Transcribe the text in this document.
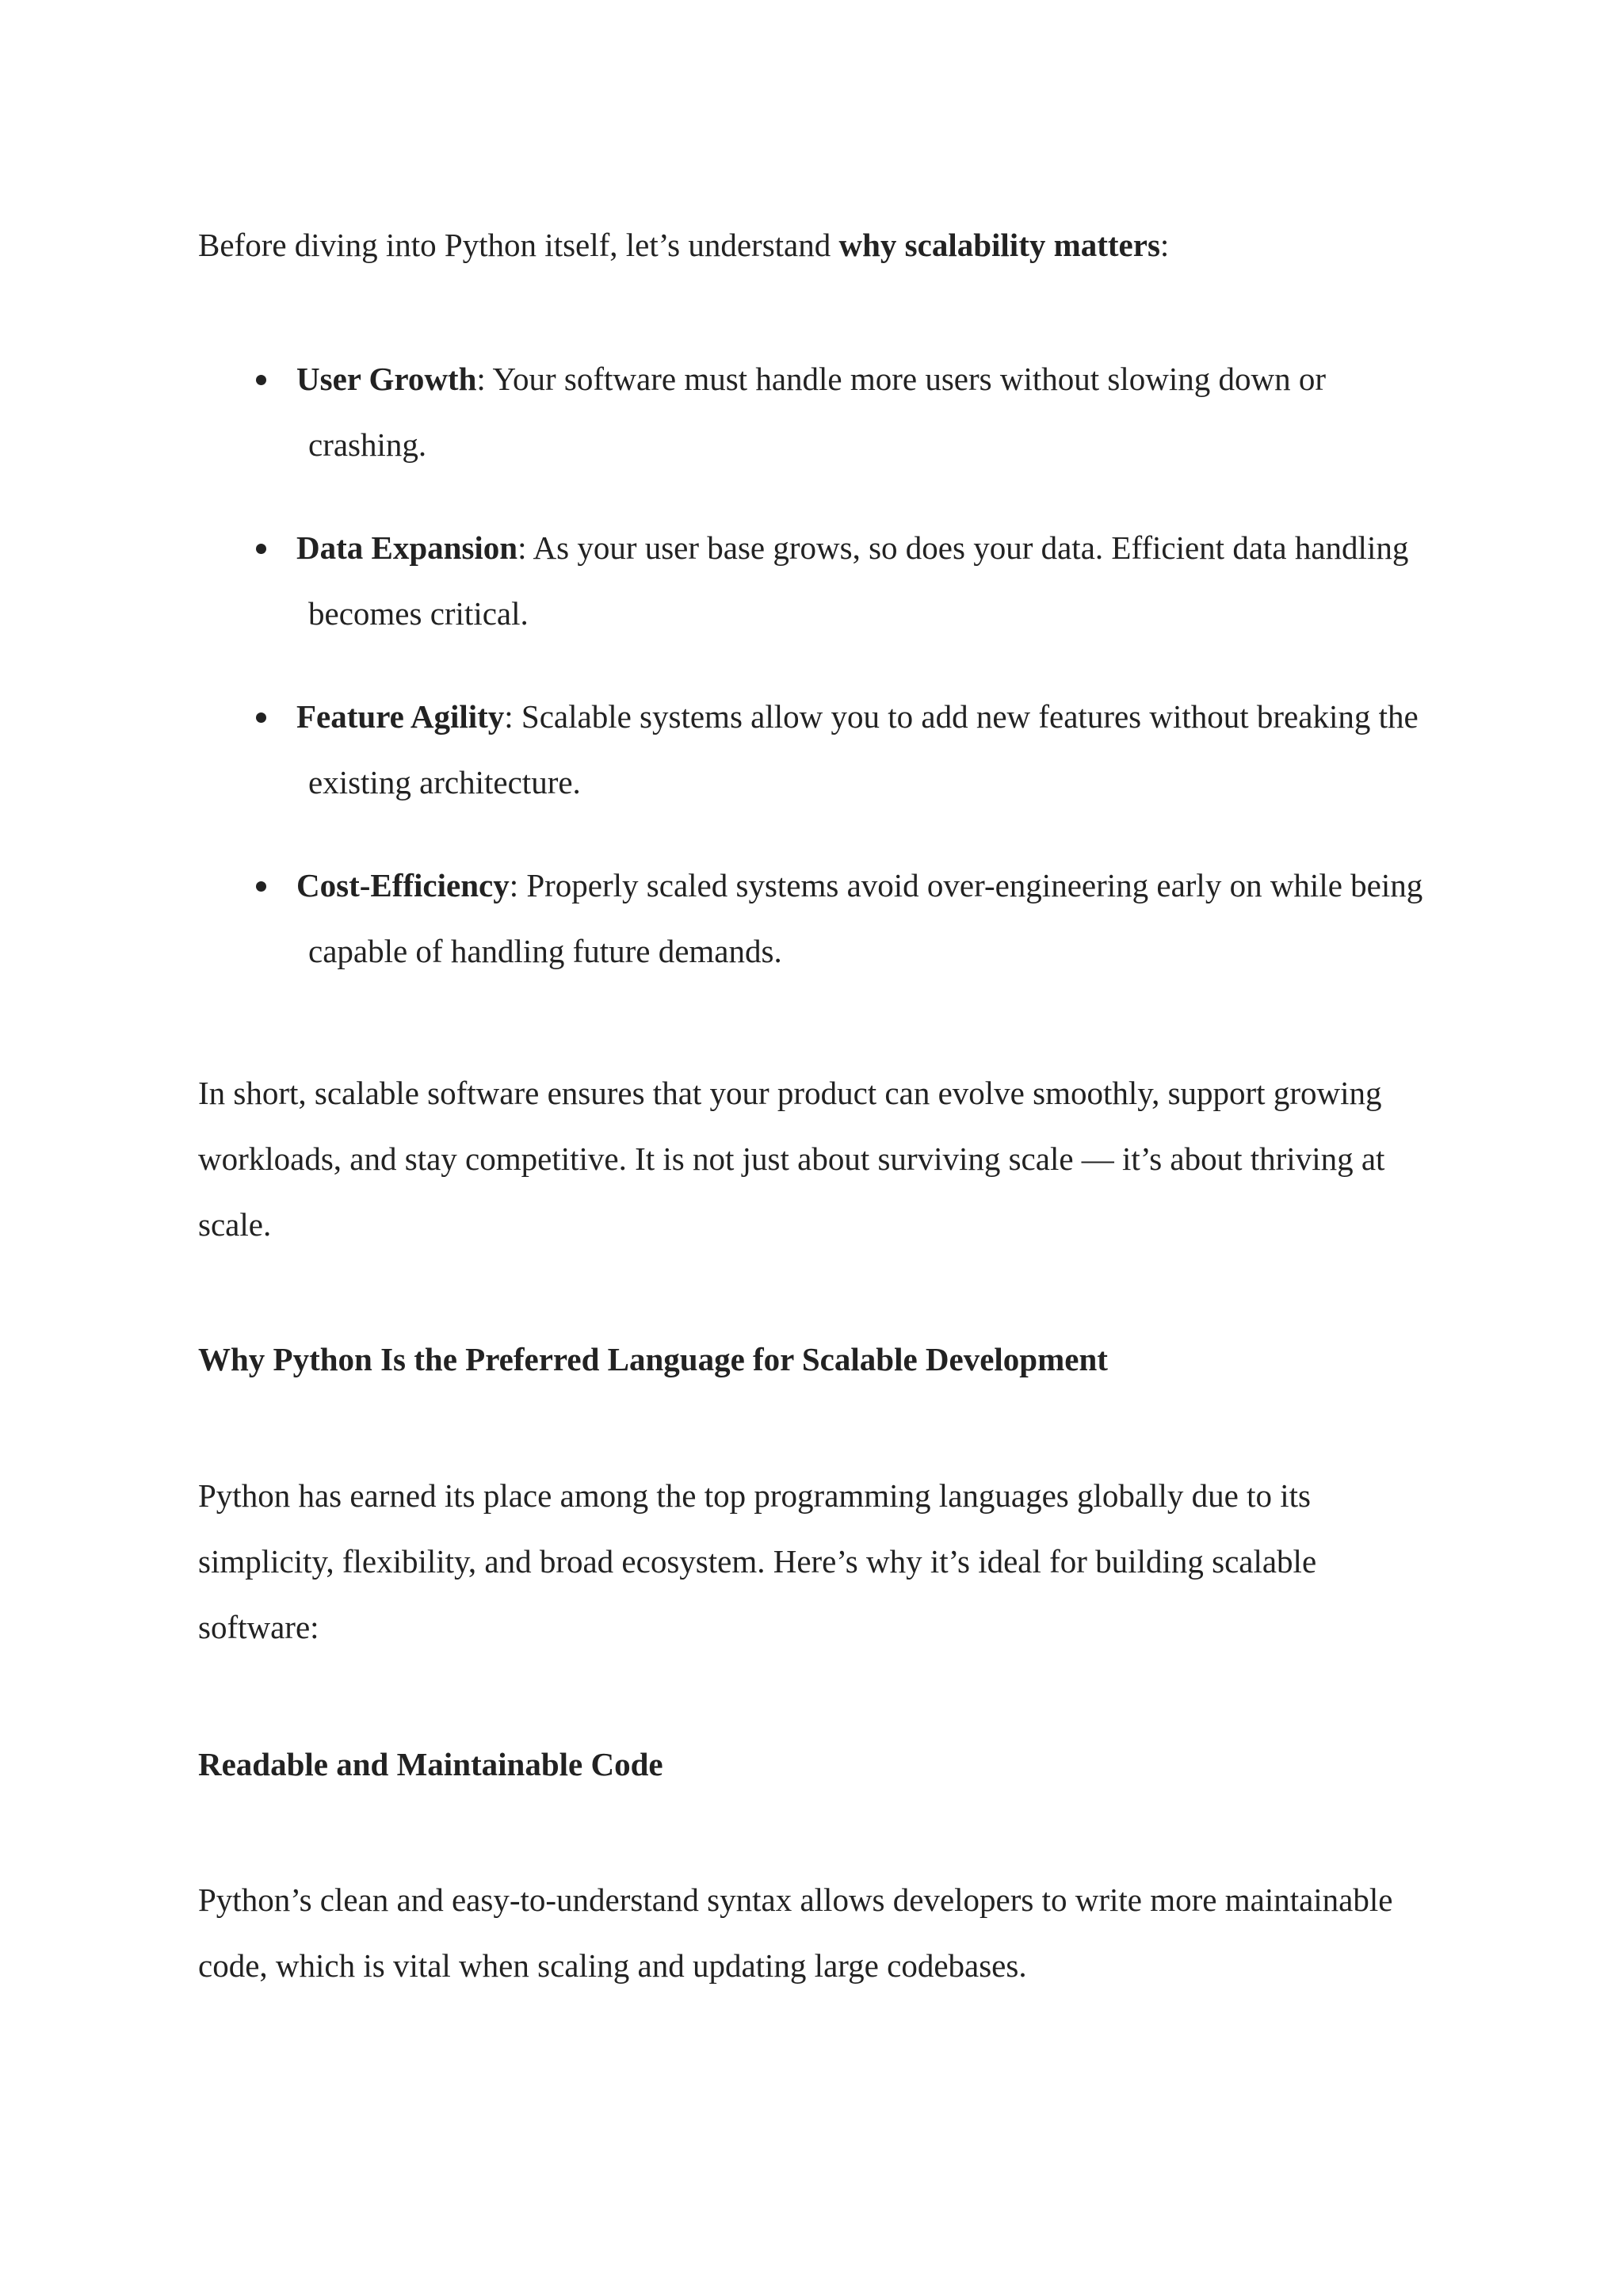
Before diving into Python itself, let’s understand why scalability matters:

User Growth: Your software must handle more users without slowing down or
crashing.
Data Expansion: As your user base grows, so does your data. Efficient data handling
becomes critical.
Feature Agility: Scalable systems allow you to add new features without breaking the
existing architecture.
Cost-Efficiency: Properly scaled systems avoid over-engineering early on while being
capable of handling future demands.

In short, scalable software ensures that your product can evolve smoothly, support growing
workloads, and stay competitive. It is not just about surviving scale — it’s about thriving at
scale.

Why Python Is the Preferred Language for Scalable Development

Python has earned its place among the top programming languages globally due to its
simplicity, flexibility, and broad ecosystem. Here’s why it’s ideal for building scalable
software:

Readable and Maintainable Code

Python’s clean and easy-to-understand syntax allows developers to write more maintainable
code, which is vital when scaling and updating large codebases.
